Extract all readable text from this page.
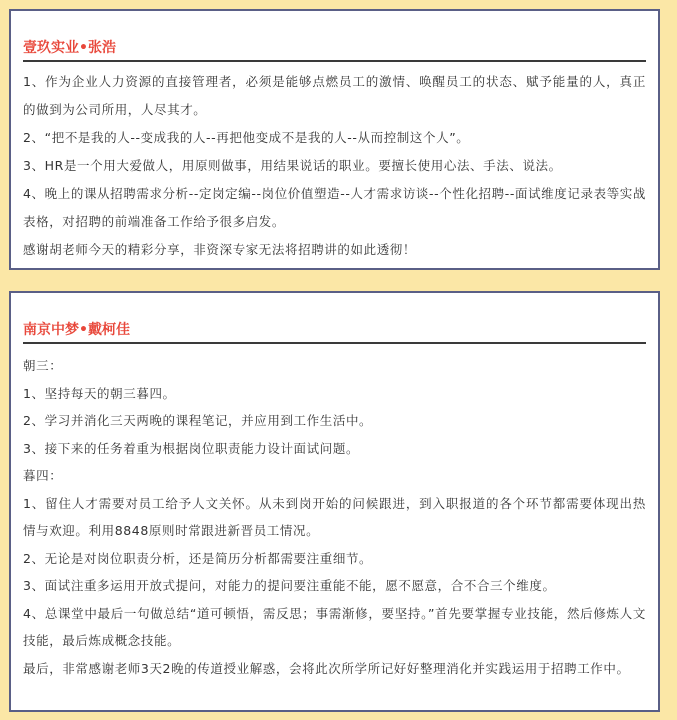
壹玖实业•张浩

1、作为企业人力资源的直接管理者，必须是能够点燃员工的激情、唤醒员工的状态、赋予能量的人，真正的做到为公司所用，人尽其才。

2、“把不是我的人--变成我的人--再把他变成不是我的人--从而控制这个人”。

3、HR是一个用大爱做人，用原则做事，用结果说话的职业。要擅长使用心法、手法、说法。

4、晚上的课从招聘需求分析--定岗定编--岗位价值塑造--人才需求访谈--个性化招聘--面试维度记录表等实战表格，对招聘的前端准备工作给予很多启发。

感谢胡老师今天的精彩分享，非资深专家无法将招聘讲的如此透彻！

南京中梦•戴柯佳

朝三：

1、坚持每天的朝三暮四。

2、学习并消化三天两晚的课程笔记，并应用到工作生活中。

3、接下来的任务着重为根据岗位职责能力设计面试问题。

暮四：

1、留住人才需要对员工给予人文关怀。从未到岗开始的问候跟进，到入职报道的各个环节都需要体现出热情与欢迎。利用8848原则时常跟进新晋员工情况。

2、无论是对岗位职责分析，还是简历分析都需要注重细节。

3、面试注重多运用开放式提问，对能力的提问要注重能不能，愿不愿意，合不合三个维度。

4、总课堂中最后一句做总结“道可顿悟，需反思；事需渐修，要坚持。”首先要掌握专业技能，然后修炼人文技能，最后炼成概念技能。

最后，非常感谢老师3天2晚的传道授业解惑，会将此次所学所记好好整理消化并实践运用于招聘工作中。
